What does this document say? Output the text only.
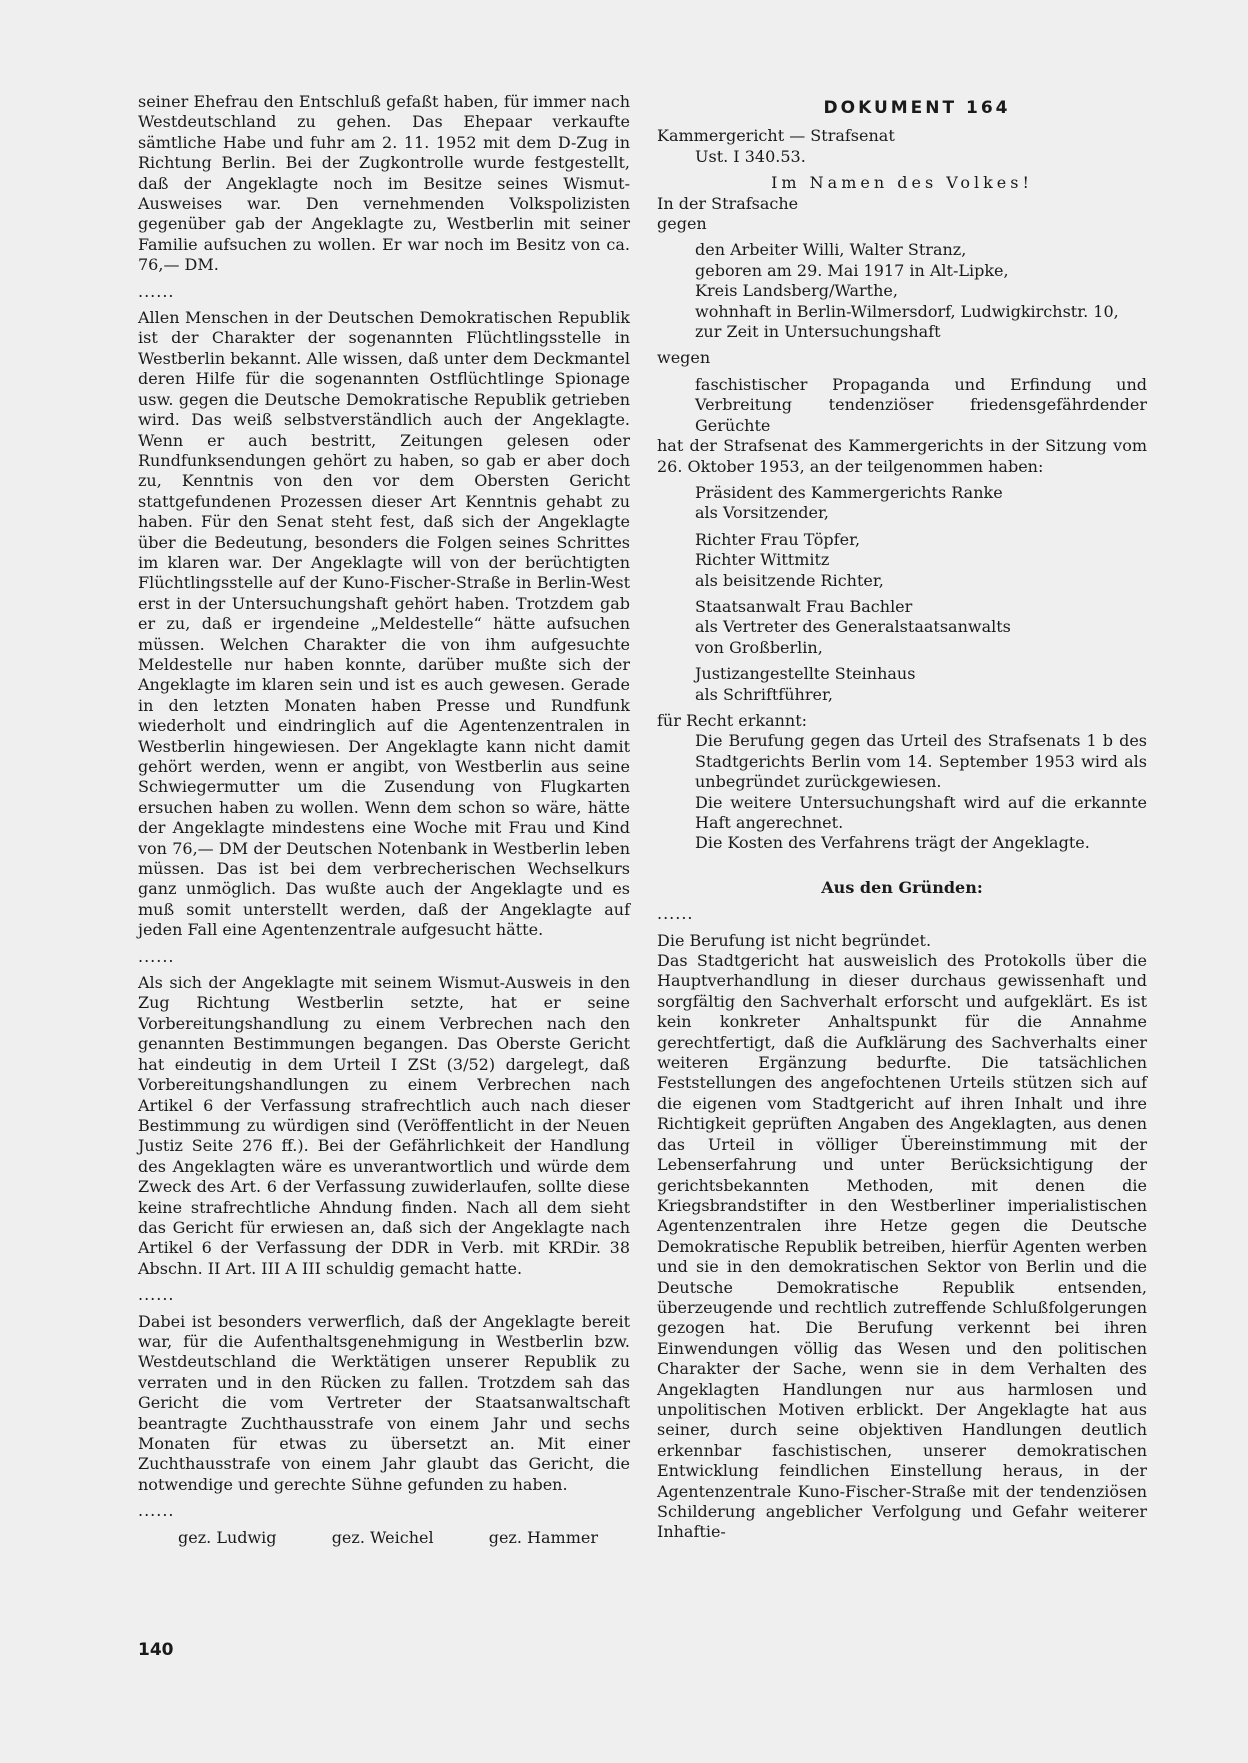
seiner Ehefrau den Entschluß gefaßt haben, für immer nach Westdeutschland zu gehen. Das Ehepaar verkaufte sämtliche Habe und fuhr am 2. 11. 1952 mit dem D-Zug in Richtung Berlin. Bei der Zugkontrolle wurde festgestellt, daß der Angeklagte noch im Besitze seines Wismut-Ausweises war. Den vernehmenden Volkspolizisten gegenüber gab der Angeklagte zu, Westberlin mit seiner Familie aufsuchen zu wollen. Er war noch im Besitz von ca. 76,— DM.

......

Allen Menschen in der Deutschen Demokratischen Republik ist der Charakter der sogenannten Flüchtlingsstelle in Westberlin bekannt. Alle wissen, daß unter dem Deckmantel deren Hilfe für die sogenannten Ostflüchtlinge Spionage usw. gegen die Deutsche Demokratische Republik getrieben wird. Das weiß selbstverständlich auch der Angeklagte. Wenn er auch bestritt, Zeitungen gelesen oder Rundfunksendungen gehört zu haben, so gab er aber doch zu, Kenntnis von den vor dem Obersten Gericht stattgefundenen Prozessen dieser Art Kenntnis gehabt zu haben. Für den Senat steht fest, daß sich der Angeklagte über die Bedeutung, besonders die Folgen seines Schrittes im klaren war. Der Angeklagte will von der berüchtigten Flüchtlingsstelle auf der Kuno-Fischer-Straße in Berlin-West erst in der Untersuchungshaft gehört haben. Trotzdem gab er zu, daß er irgendeine „Meldestelle“ hätte aufsuchen müssen. Welchen Charakter die von ihm aufgesuchte Meldestelle nur haben konnte, darüber mußte sich der Angeklagte im klaren sein und ist es auch gewesen. Gerade in den letzten Monaten haben Presse und Rundfunk wiederholt und eindringlich auf die Agentenzentralen in Westberlin hingewiesen. Der Angeklagte kann nicht damit gehört werden, wenn er angibt, von Westberlin aus seine Schwiegermutter um die Zusendung von Flugkarten ersuchen haben zu wollen. Wenn dem schon so wäre, hätte der Angeklagte mindestens eine Woche mit Frau und Kind von 76,— DM der Deutschen Notenbank in Westberlin leben müssen. Das ist bei dem verbrecherischen Wechselkurs ganz unmöglich. Das wußte auch der Angeklagte und es muß somit unterstellt werden, daß der Angeklagte auf jeden Fall eine Agentenzentrale aufgesucht hätte.

......

Als sich der Angeklagte mit seinem Wismut-Ausweis in den Zug Richtung Westberlin setzte, hat er seine Vorbereitungshandlung zu einem Verbrechen nach den genannten Bestimmungen begangen. Das Oberste Gericht hat eindeutig in dem Urteil I ZSt (3/52) dargelegt, daß Vorbereitungshandlungen zu einem Verbrechen nach Artikel 6 der Verfassung strafrechtlich auch nach dieser Bestimmung zu würdigen sind (Veröffentlicht in der Neuen Justiz Seite 276 ff.). Bei der Gefährlichkeit der Handlung des Angeklagten wäre es unverantwortlich und würde dem Zweck des Art. 6 der Verfassung zuwiderlaufen, sollte diese keine strafrechtliche Ahndung finden. Nach all dem sieht das Gericht für erwiesen an, daß sich der Angeklagte nach Artikel 6 der Verfassung der DDR in Verb. mit KRDir. 38 Abschn. II Art. III A III schuldig gemacht hatte.

......

Dabei ist besonders verwerflich, daß der Angeklagte bereit war, für die Aufenthaltsgenehmigung in Westberlin bzw. Westdeutschland die Werktätigen unserer Republik zu verraten und in den Rücken zu fallen. Trotzdem sah das Gericht die vom Vertreter der Staatsanwaltschaft beantragte Zuchthausstrafe von einem Jahr und sechs Monaten für etwas zu übersetzt an. Mit einer Zuchthausstrafe von einem Jahr glaubt das Gericht, die notwendige und gerechte Sühne gefunden zu haben.

......
gez. Ludwig	gez. Weichel	gez. Hammer
DOKUMENT 164

Kammergericht — Strafsenat

Ust. I 340.53.

Im Namen des Volkes!

In der Strafsache

gegen

den Arbeiter Willi, Walter Stranz,

geboren am 29. Mai 1917 in Alt-Lipke,

Kreis Landsberg/Warthe,

wohnhaft in Berlin-Wilmersdorf, Ludwigkirchstr. 10,

zur Zeit in Untersuchungshaft

wegen

faschistischer Propaganda und Erfindung und Verbreitung tendenziöser friedensgefährdender Gerüchte

hat der Strafsenat des Kammergerichts in der Sitzung vom 26. Oktober 1953, an der teilgenommen haben:

Präsident des Kammergerichts Ranke

als Vorsitzender,

Richter Frau Töpfer,

Richter Wittmitz

als beisitzende Richter,

Staatsanwalt Frau Bachler

als Vertreter des Generalstaatsanwalts

von Großberlin,

Justizangestellte Steinhaus

als Schriftführer,

für Recht erkannt:

Die Berufung gegen das Urteil des Strafsenats 1 b des Stadtgerichts Berlin vom 14. September 1953 wird als unbegründet zurückgewiesen.

Die weitere Untersuchungshaft wird auf die erkannte Haft angerechnet.

Die Kosten des Verfahrens trägt der Angeklagte.

Aus den Gründen:

......

Die Berufung ist nicht begründet.

Das Stadtgericht hat ausweislich des Protokolls über die Hauptverhandlung in dieser durchaus gewissenhaft und sorgfältig den Sachverhalt erforscht und aufgeklärt. Es ist kein konkreter Anhaltspunkt für die Annahme gerechtfertigt, daß die Aufklärung des Sachverhalts einer weiteren Ergänzung bedurfte. Die tatsächlichen Feststellungen des angefochtenen Urteils stützen sich auf die eigenen vom Stadtgericht auf ihren Inhalt und ihre Richtigkeit geprüften Angaben des Angeklagten, aus denen das Urteil in völliger Übereinstimmung mit der Lebenserfahrung und unter Berücksichtigung der gerichtsbekannten Methoden, mit denen die Kriegsbrandstifter in den Westberliner imperialistischen Agentenzentralen ihre Hetze gegen die Deutsche Demokratische Republik betreiben, hierfür Agenten werben und sie in den demokratischen Sektor von Berlin und die Deutsche Demokratische Republik entsenden, überzeugende und rechtlich zutreffende Schlußfolgerungen gezogen hat. Die Berufung verkennt bei ihren Einwendungen völlig das Wesen und den politischen Charakter der Sache, wenn sie in dem Verhalten des Angeklagten Handlungen nur aus harmlosen und unpolitischen Motiven erblickt. Der Angeklagte hat aus seiner, durch seine objektiven Handlungen deutlich erkennbar faschistischen, unserer demokratischen Entwicklung feindlichen Einstellung heraus, in der Agentenzentrale Kuno-Fischer-Straße mit der tendenziösen Schilderung angeblicher Verfolgung und Gefahr weiterer Inhaftie-

140
